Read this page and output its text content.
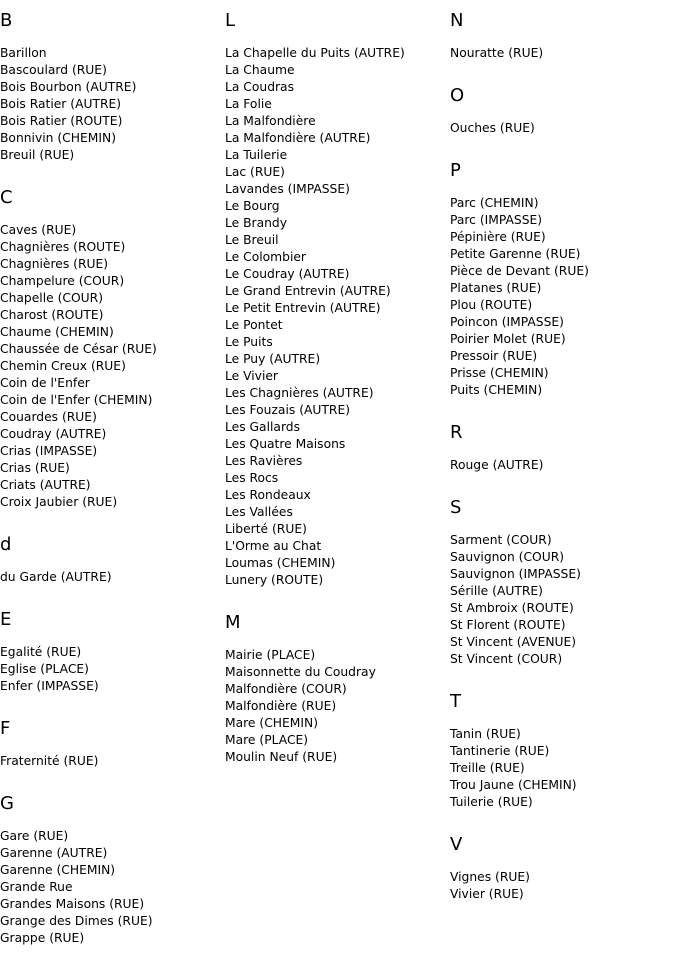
B
Barillon
Bascoulard (RUE)
Bois Bourbon (AUTRE)
Bois Ratier (AUTRE)
Bois Ratier (ROUTE)
Bonnivin (CHEMIN)
Breuil (RUE)
C
Caves (RUE)
Chagnières (ROUTE)
Chagnières (RUE)
Champelure (COUR)
Chapelle (COUR)
Charost (ROUTE)
Chaume (CHEMIN)
Chaussée de César (RUE)
Chemin Creux (RUE)
Coin de l'Enfer
Coin de l'Enfer (CHEMIN)
Couardes (RUE)
Coudray (AUTRE)
Crias (IMPASSE)
Crias (RUE)
Criats (AUTRE)
Croix Jaubier (RUE)
d
du Garde (AUTRE)
E
Egalité (RUE)
Eglise (PLACE)
Enfer (IMPASSE)
F
Fraternité (RUE)
G
Gare (RUE)
Garenne (AUTRE)
Garenne (CHEMIN)
Grande Rue
Grandes Maisons (RUE)
Grange des Dimes (RUE)
Grappe (RUE)
L
La Chapelle du Puits (AUTRE)
La Chaume
La Coudras
La Folie
La Malfondière
La Malfondière (AUTRE)
La Tuilerie
Lac (RUE)
Lavandes (IMPASSE)
Le Bourg
Le Brandy
Le Breuil
Le Colombier
Le Coudray (AUTRE)
Le Grand Entrevin (AUTRE)
Le Petit Entrevin (AUTRE)
Le Pontet
Le Puits
Le Puy (AUTRE)
Le Vivier
Les Chagnières (AUTRE)
Les Fouzais (AUTRE)
Les Gallards
Les Quatre Maisons
Les Ravières
Les Rocs
Les Rondeaux
Les Vallées
Liberté (RUE)
L'Orme au Chat
Loumas (CHEMIN)
Lunery (ROUTE)
M
Mairie (PLACE)
Maisonnette du Coudray
Malfondière (COUR)
Malfondière (RUE)
Mare (CHEMIN)
Mare (PLACE)
Moulin Neuf (RUE)
N
Nouratte (RUE)
O
Ouches (RUE)
P
Parc (CHEMIN)
Parc (IMPASSE)
Pépinière (RUE)
Petite Garenne (RUE)
Pièce de Devant (RUE)
Platanes (RUE)
Plou (ROUTE)
Poincon (IMPASSE)
Poirier Molet (RUE)
Pressoir (RUE)
Prisse (CHEMIN)
Puits (CHEMIN)
R
Rouge (AUTRE)
S
Sarment (COUR)
Sauvignon (COUR)
Sauvignon (IMPASSE)
Sérille (AUTRE)
St Ambroix (ROUTE)
St Florent (ROUTE)
St Vincent (AVENUE)
St Vincent (COUR)
T
Tanin (RUE)
Tantinerie (RUE)
Treille (RUE)
Trou Jaune (CHEMIN)
Tuilerie (RUE)
V
Vignes (RUE)
Vivier (RUE)
